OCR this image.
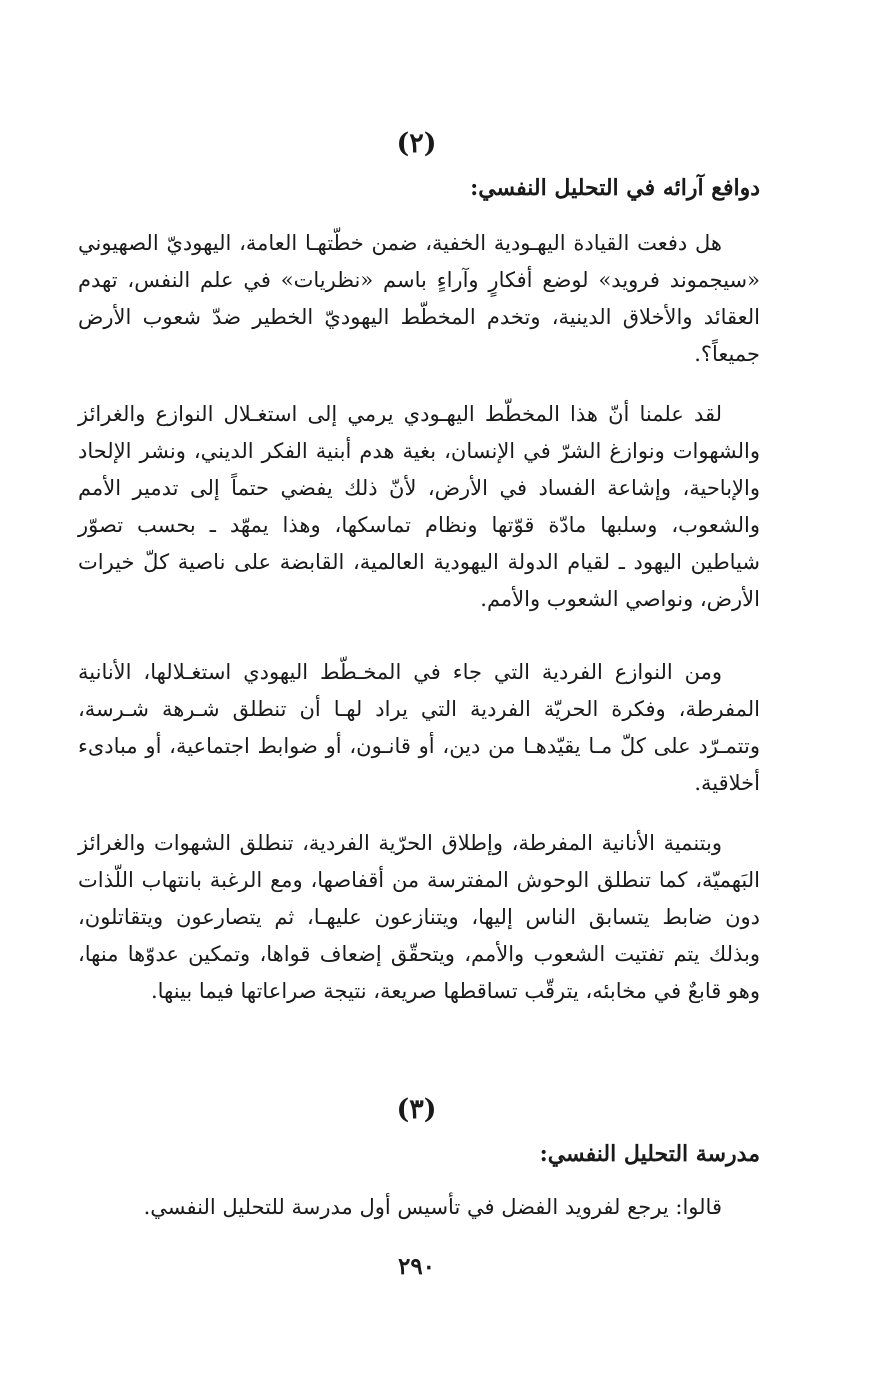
(٢)
دوافع آرائه في التحليل النفسي:

هل دفعت القيادة اليهـودية الخفية، ضمن خطّتهـا العامة، اليهوديّ الصهيوني «سيجموند فرويد» لوضع أفكارٍ وآراءٍ باسم «نظريات» في علم النفس، تهدم العقائد والأخلاق الدينية، وتخدم المخطّط اليهوديّ الخطير ضدّ شعوب الأرض جميعاً؟.

لقد علمنا أنّ هذا المخطّط اليهـودي يرمي إلى استغـلال النوازع والغرائز والشهوات ونوازغ الشرّ في الإنسان، بغية هدم أبنية الفكر الديني، ونشر الإلحاد والإباحية، وإشاعة الفساد في الأرض، لأنّ ذلك يفضي حتماً إلى تدمير الأمم والشعوب، وسلبها مادّة قوّتها ونظام تماسكها، وهذا يمهّد ـ بحسب تصوّر شياطين اليهود ـ لقيام الدولة اليهودية العالمية، القابضة على ناصية كلّ خيرات الأرض، ونواصي الشعوب والأمم.

ومن النوازع الفردية التي جاء في المخـطّط اليهودي استغـلالها، الأنانية المفرطة، وفكرة الحريّة الفردية التي يراد لهـا أن تنطلق شـرهة شـرسة، وتتمـرّد على كلّ مـا يقيّدهـا من دين، أو قانـون، أو ضوابط اجتماعية، أو مبادىء أخلاقية.

وبتنمية الأنانية المفرطة، وإطلاق الحرّية الفردية، تنطلق الشهوات والغرائز البَهميّة، كما تنطلق الوحوش المفترسة من أقفاصها، ومع الرغبة بانتهاب اللّذات دون ضابط يتسابق الناس إليها، ويتنازعون عليهـا، ثم يتصارعون ويتقاتلون، وبذلك يتم تفتيت الشعوب والأمم، ويتحقّق إضعاف قواها، وتمكين عدوّها منها، وهو قابعٌ في مخابئه، يترقّب تساقطها صريعة، نتيجة صراعاتها فيما بينها.

(٣)
مدرسة التحليل النفسي:

قالوا: يرجع لفرويد الفضل في تأسيس أول مدرسة للتحليل النفسي.

٢٩٠
